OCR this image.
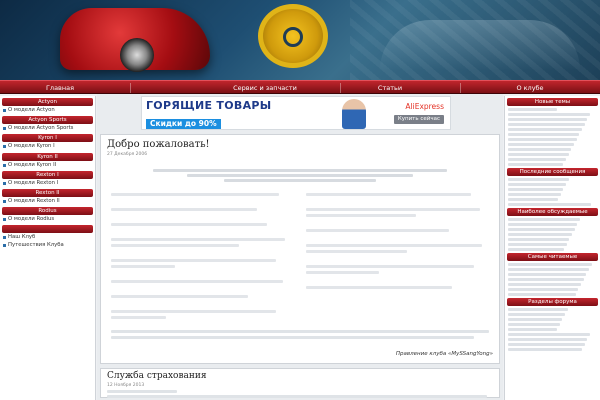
Главная	Сервис и запчасти	Статьи	О клубе
Actyon
О модели Actyon
Actyon Sports
О модели Actyon Sports
Kyron I
О модели Kyron I
Kyron II
О модели Kyron II
Rexton I
О модели Rexton I
Rexton II
О модели Rexton II
Rodius
О модели Rodius
Наш Клуб
Путешествия Клуба
ГОРЯЩИЕ ТОВАРЫ
Скидки до 90%
AliExpress
Купить сейчас
Добро пожаловать!
27 Декабря 2006
Правление клуба «MySSangYong»
Служба страхования
12 Ноября 2013
Новые темы
Последние сообщения
Наиболее обсуждаемые
Самые читаемые
Разделы форума
